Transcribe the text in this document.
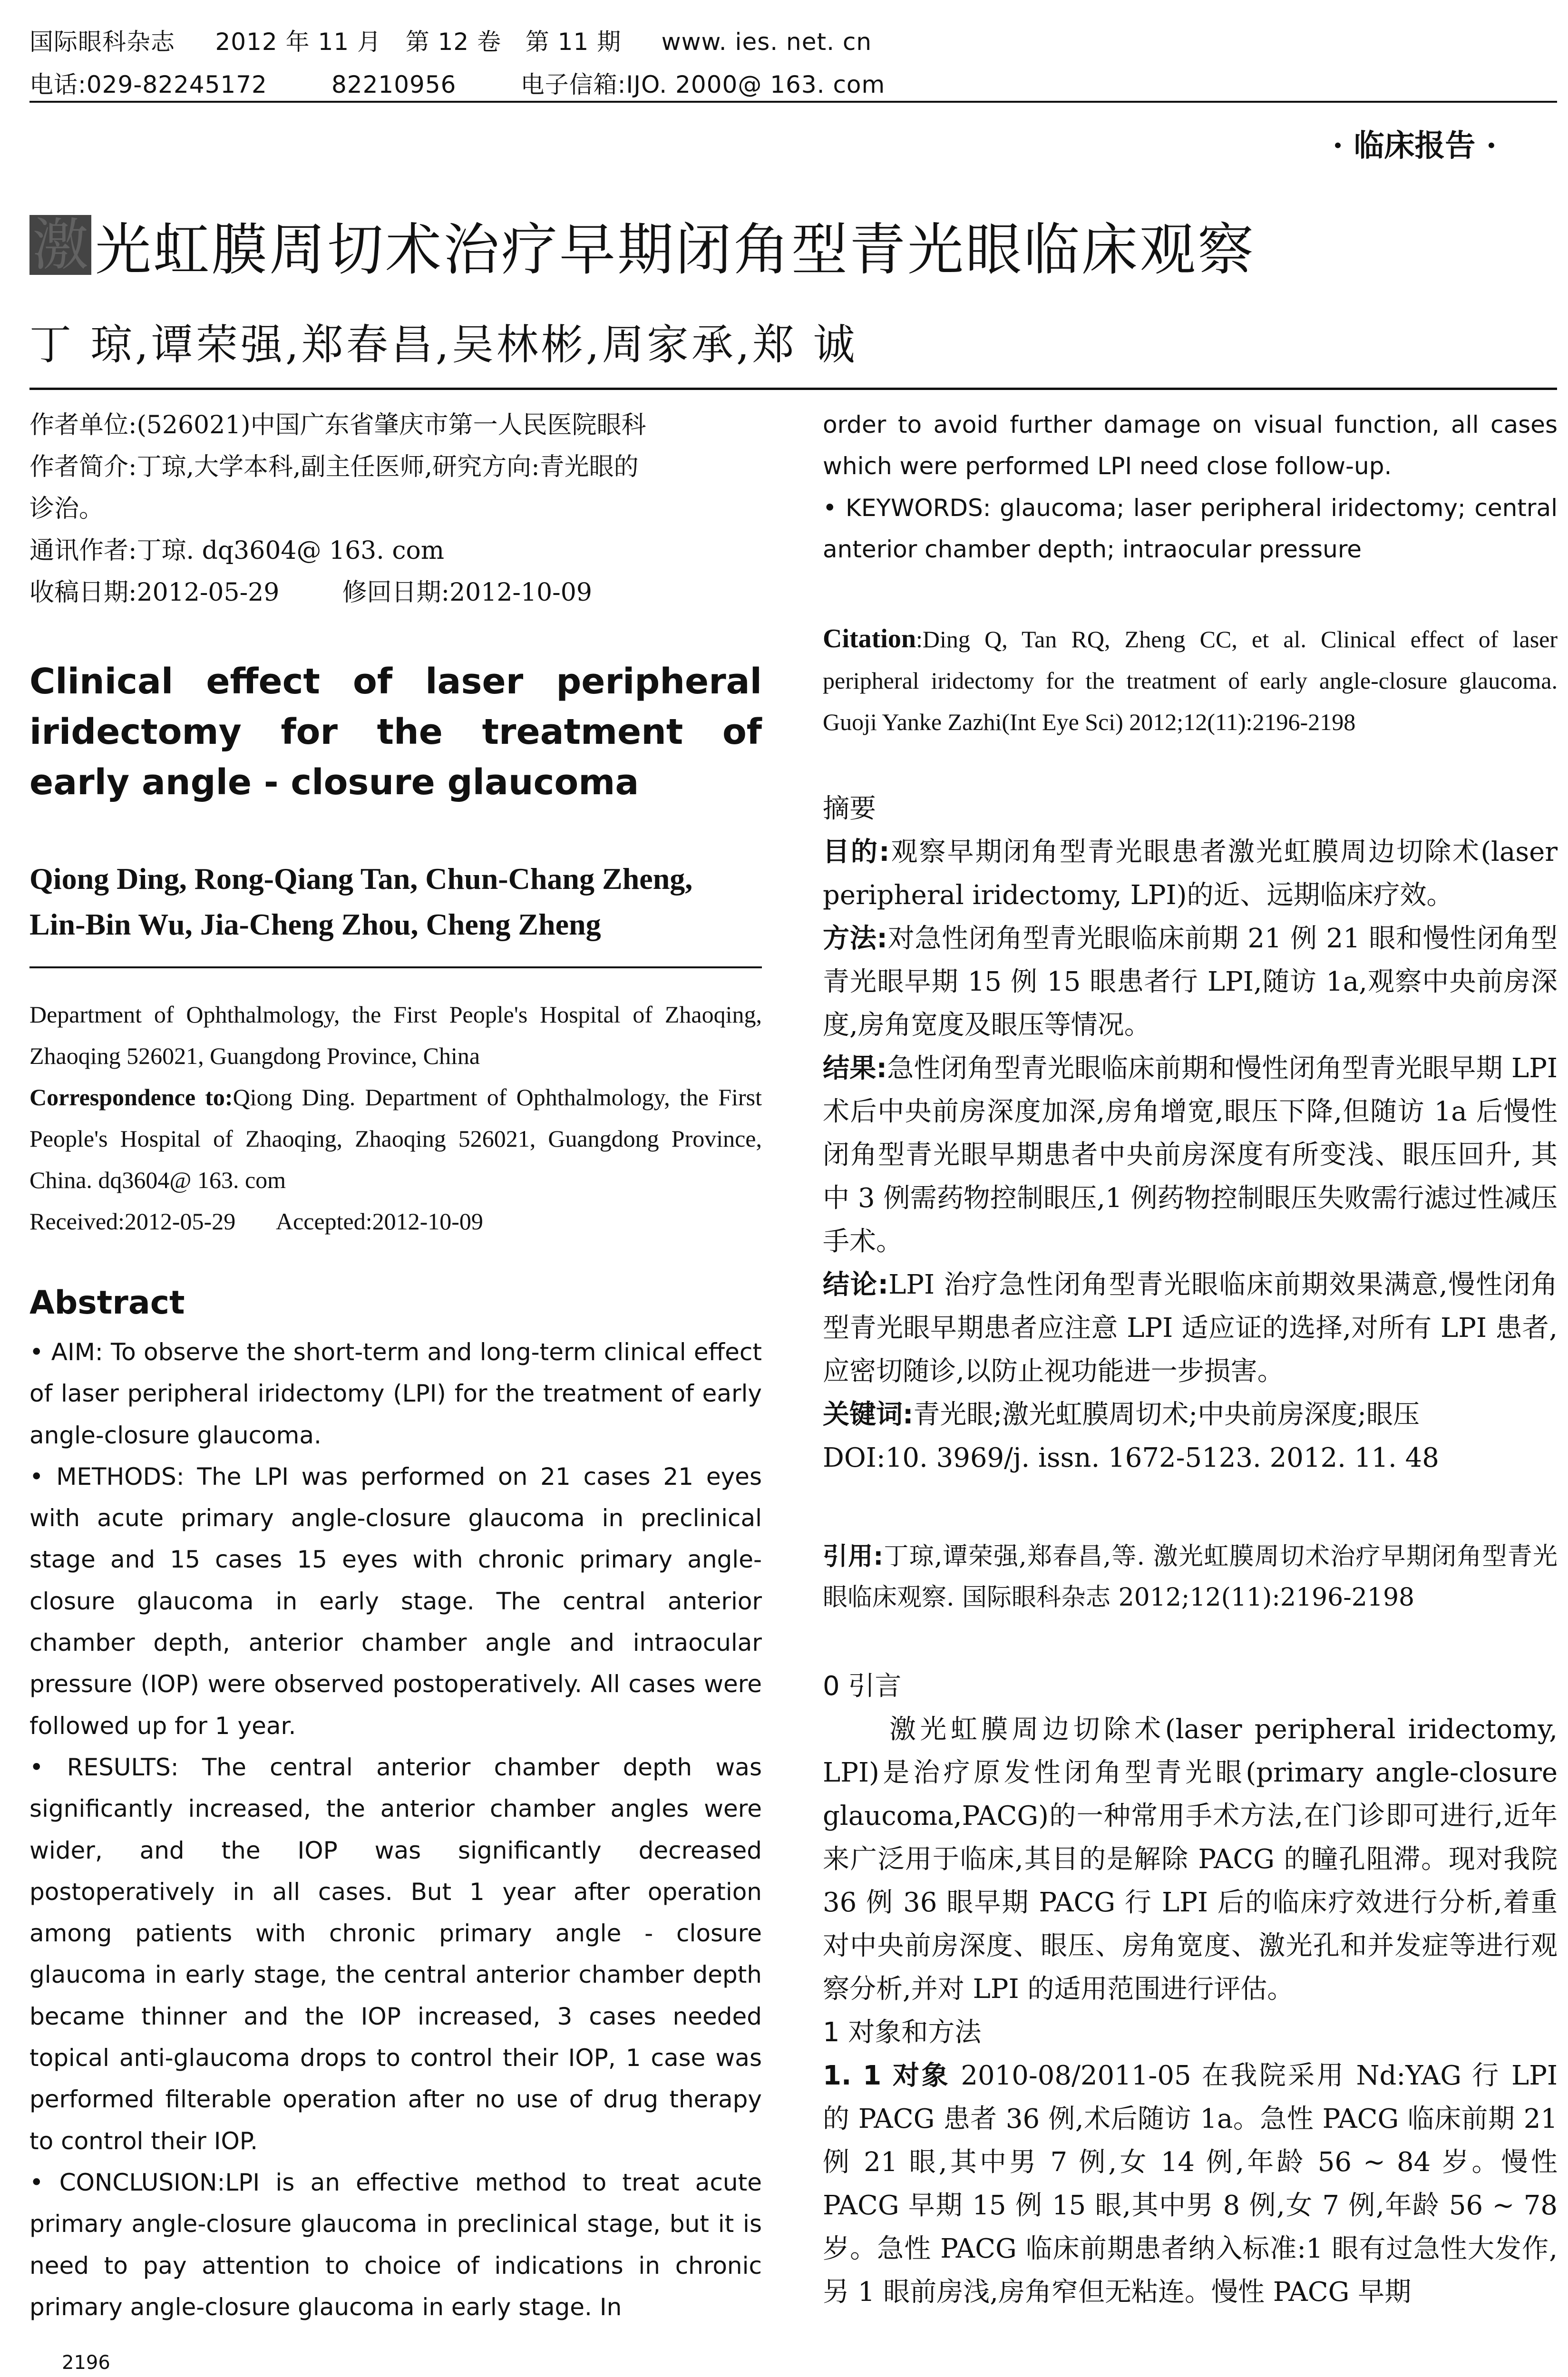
国际眼科杂志 2012 年 11 月   第 12 卷   第 11 期 www. ies. net. cn
电话:029-82245172        82210956	电子信箱:IJO. 2000@ 163. com
· 临床报告 ·
激 光虹膜周切术治疗早期闭角型青光眼临床观察
丁 琼,谭荣强,郑春昌,吴林彬,周家承,郑 诚
作者单位:(526021)中国广东省肇庆市第一人民医院眼科
作者简介:丁琼,大学本科,副主任医师,研究方向:青光眼的
诊治。
通讯作者:丁琼. dq3604@ 163. com
收稿日期:2012-05-29        修回日期:2012-10-09
Clinical effect of laser peripheral iridectomy for the treatment of early angle - closure glaucoma
Qiong Ding, Rong-Qiang Tan, Chun-Chang Zheng,
Lin-Bin Wu, Jia-Cheng Zhou, Cheng Zheng
Department of Ophthalmology, the First People's Hospital of Zhaoqing, Zhaoqing 526021, Guangdong Province, China
Correspondence to:Qiong Ding. Department of Ophthalmology, the First People's Hospital of Zhaoqing, Zhaoqing 526021, Guangdong Province, China. dq3604@ 163. com
Received:2012-05-29       Accepted:2012-10-09
Abstract

• AIM: To observe the short-term and long-term clinical effect of laser peripheral iridectomy (LPI) for the treatment of early angle-closure glaucoma.

• METHODS: The LPI was performed on 21 cases 21 eyes with acute primary angle-closure glaucoma in preclinical stage and 15 cases 15 eyes with chronic primary angle-closure glaucoma in early stage. The central anterior chamber depth, anterior chamber angle and intraocular pressure (IOP) were observed postoperatively. All cases were followed up for 1 year.

• RESULTS: The central anterior chamber depth was significantly increased, the anterior chamber angles were wider, and the IOP was significantly decreased postoperatively in all cases. But 1 year after operation among patients with chronic primary angle - closure glaucoma in early stage, the central anterior chamber depth became thinner and the IOP increased, 3 cases needed topical anti-glaucoma drops to control their IOP, 1 case was performed filterable operation after no use of drug therapy to control their IOP.

• CONCLUSION:LPI is an effective method to treat acute primary angle-closure glaucoma in preclinical stage, but it is need to pay attention to choice of indications in chronic primary angle-closure glaucoma in early stage. In

order to avoid further damage on visual function, all cases which were performed LPI need close follow-up.

• KEYWORDS: glaucoma; laser peripheral iridectomy; central anterior chamber depth; intraocular pressure

Citation:Ding Q, Tan RQ, Zheng CC, et al. Clinical effect of laser peripheral iridectomy for the treatment of early angle-closure glaucoma. Guoji Yanke Zazhi(Int Eye Sci) 2012;12(11):2196-2198

摘要

目的:观察早期闭角型青光眼患者激光虹膜周边切除术(laser peripheral iridectomy, LPI)的近、远期临床疗效。

方法:对急性闭角型青光眼临床前期 21 例 21 眼和慢性闭角型青光眼早期 15 例 15 眼患者行 LPI,随访 1a,观察中央前房深度,房角宽度及眼压等情况。

结果:急性闭角型青光眼临床前期和慢性闭角型青光眼早期 LPI 术后中央前房深度加深,房角增宽,眼压下降,但随访 1a 后慢性闭角型青光眼早期患者中央前房深度有所变浅、眼压回升, 其中 3 例需药物控制眼压,1 例药物控制眼压失败需行滤过性减压手术。

结论:LPI 治疗急性闭角型青光眼临床前期效果满意,慢性闭角型青光眼早期患者应注意 LPI 适应证的选择,对所有 LPI 患者,应密切随诊,以防止视功能进一步损害。

关键词:青光眼;激光虹膜周切术;中央前房深度;眼压

DOI:10. 3969/j. issn. 1672-5123. 2012. 11. 48

引用:丁琼,谭荣强,郑春昌,等. 激光虹膜周切术治疗早期闭角型青光眼临床观察. 国际眼科杂志 2012;12(11):2196-2198

0 引言

激光虹膜周边切除术(laser peripheral iridectomy, LPI)是治疗原发性闭角型青光眼(primary angle-closure glaucoma,PACG)的一种常用手术方法,在门诊即可进行,近年来广泛用于临床,其目的是解除 PACG 的瞳孔阻滞。现对我院 36 例 36 眼早期 PACG 行 LPI 后的临床疗效进行分析,着重对中央前房深度、眼压、房角宽度、激光孔和并发症等进行观察分析,并对 LPI 的适用范围进行评估。

1 对象和方法

1. 1 对象 2010-08/2011-05 在我院采用 Nd:YAG 行 LPI 的 PACG 患者 36 例,术后随访 1a。急性 PACG 临床前期 21 例 21 眼,其中男 7 例,女 14 例,年龄 56 ~ 84 岁。慢性 PACG 早期 15 例 15 眼,其中男 8 例,女 7 例,年龄 56 ~ 78 岁。急性 PACG 临床前期患者纳入标准:1 眼有过急性大发作,另 1 眼前房浅,房角窄但无粘连。慢性 PACG 早期

2196
